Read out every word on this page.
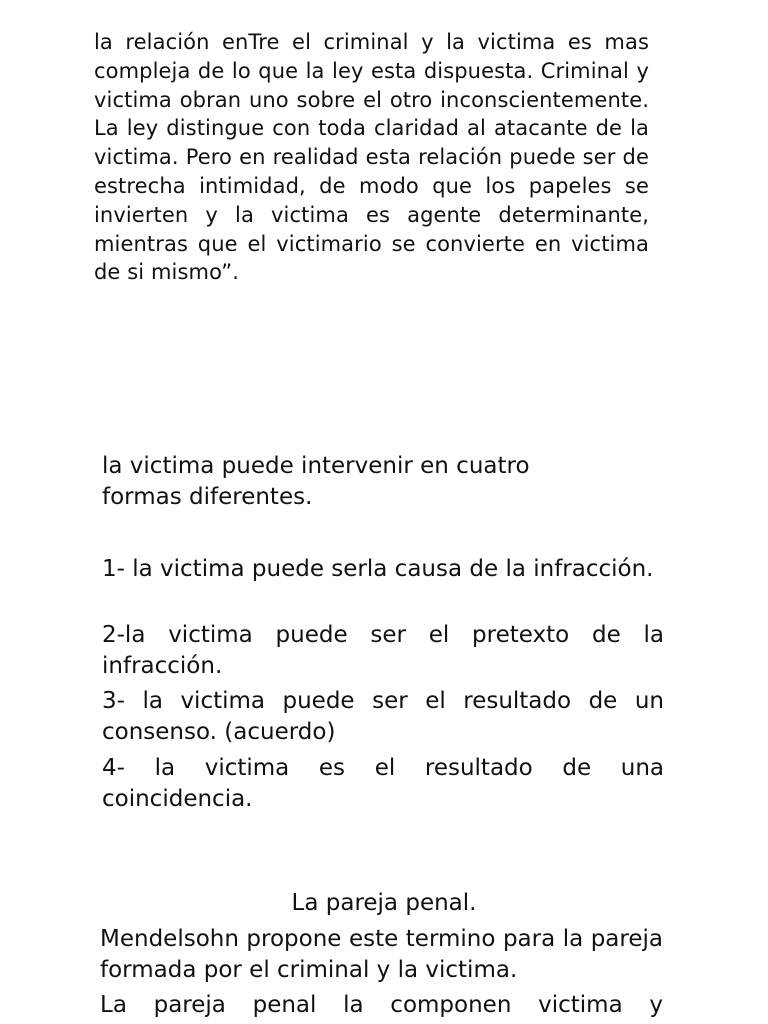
la relación enTre el criminal y la victima es mas compleja de lo que la ley esta dispuesta. Criminal y victima obran uno sobre el otro inconscientemente. La ley distingue con toda claridad al atacante de la victima. Pero en realidad esta relación puede ser de estrecha intimidad, de modo que los papeles se invierten y la victima es agente determinante, mientras que el victimario se convierte en victima de si mismo”.

la victima puede intervenir en cuatro formas diferentes.

1- la victima puede serla causa de la infracción.

2-la victima puede ser el pretexto de la infracción.

3- la victima puede ser el resultado de un consenso. (acuerdo)

4- la victima es el resultado de una coincidencia.

La pareja penal.

Mendelsohn propone este termino para la pareja formada por el criminal y la victima.

La pareja penal la componen victima y
